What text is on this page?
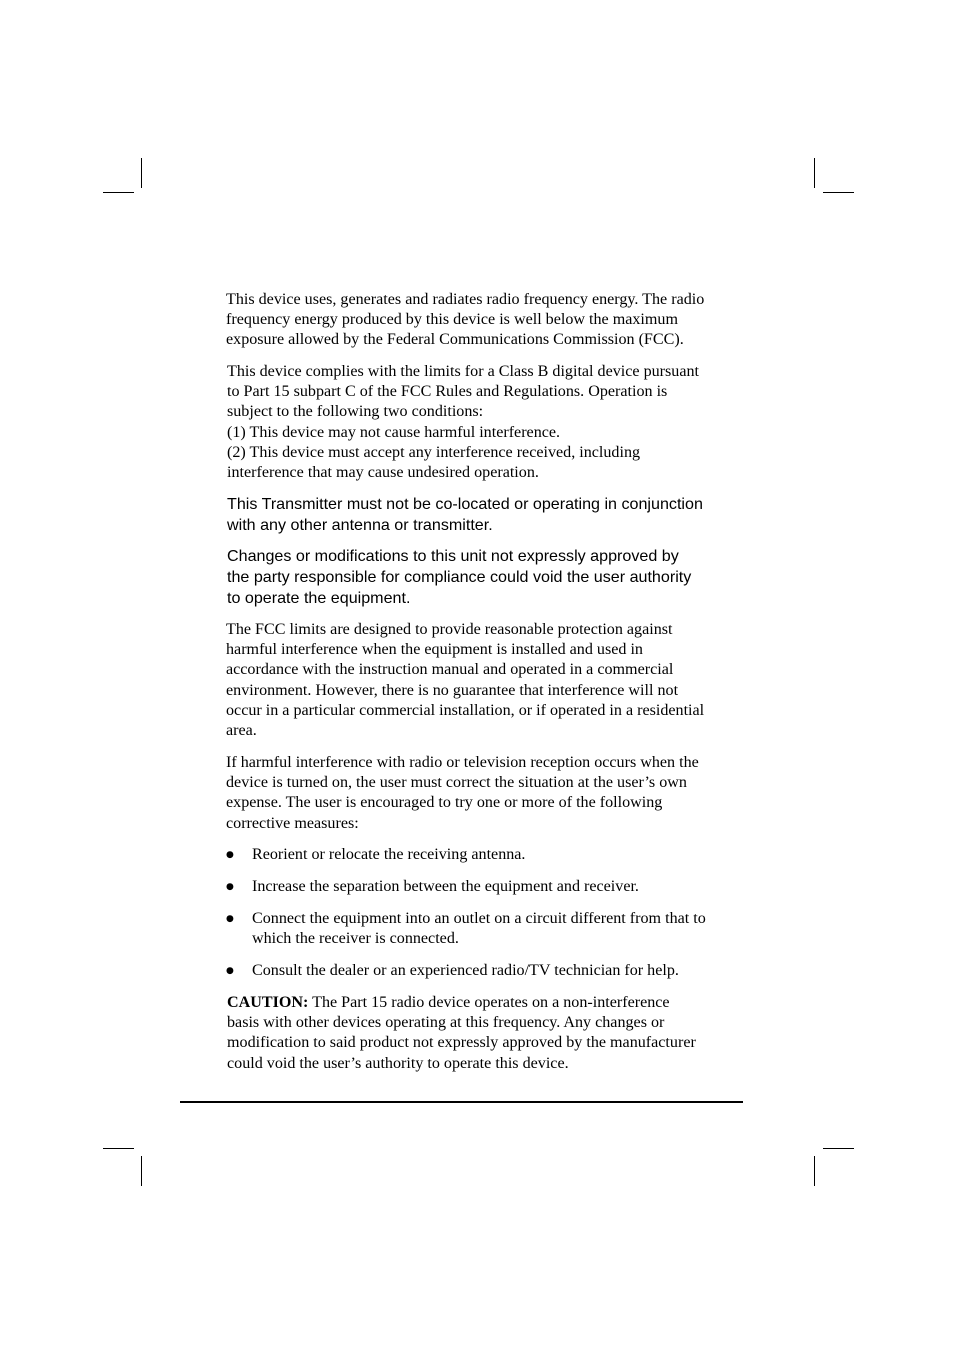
This device uses, generates and radiates radio frequency energy. The radio
frequency energy produced by this device is well below the maximum
exposure allowed by the Federal Communications Commission (FCC).
This device complies with the limits for a Class B digital device pursuant
to Part 15 subpart C of the FCC Rules and Regulations. Operation is
subject to the following two conditions:
(1) This device may not cause harmful interference.
(2) This device must accept any interference received, including
interference that may cause undesired operation.
This Transmitter must not be co-located or operating in conjunction
with any other antenna or transmitter.
Changes or modifications to this unit not expressly approved by
the party responsible for compliance could void the user authority
to operate the equipment.
The FCC limits are designed to provide reasonable protection against
harmful interference when the equipment is installed and used in
accordance with the instruction manual and operated in a commercial
environment. However, there is no guarantee that interference will not
occur in a particular commercial installation, or if operated in a residential
area.
If harmful interference with radio or television reception occurs when the
device is turned on, the user must correct the situation at the user’s own
expense. The user is encouraged to try one or more of the following
corrective measures:
●	Reorient or relocate the receiving antenna.
●	Increase the separation between the equipment and receiver.
●	Connect the equipment into an outlet on a circuit different from that to
which the receiver is connected.
●	Consult the dealer or an experienced radio/TV technician for help.
CAUTION: The Part 15 radio device operates on a non-interference
basis with other devices operating at this frequency. Any changes or
modification to said product not expressly approved by the manufacturer
could void the user’s authority to operate this device.
